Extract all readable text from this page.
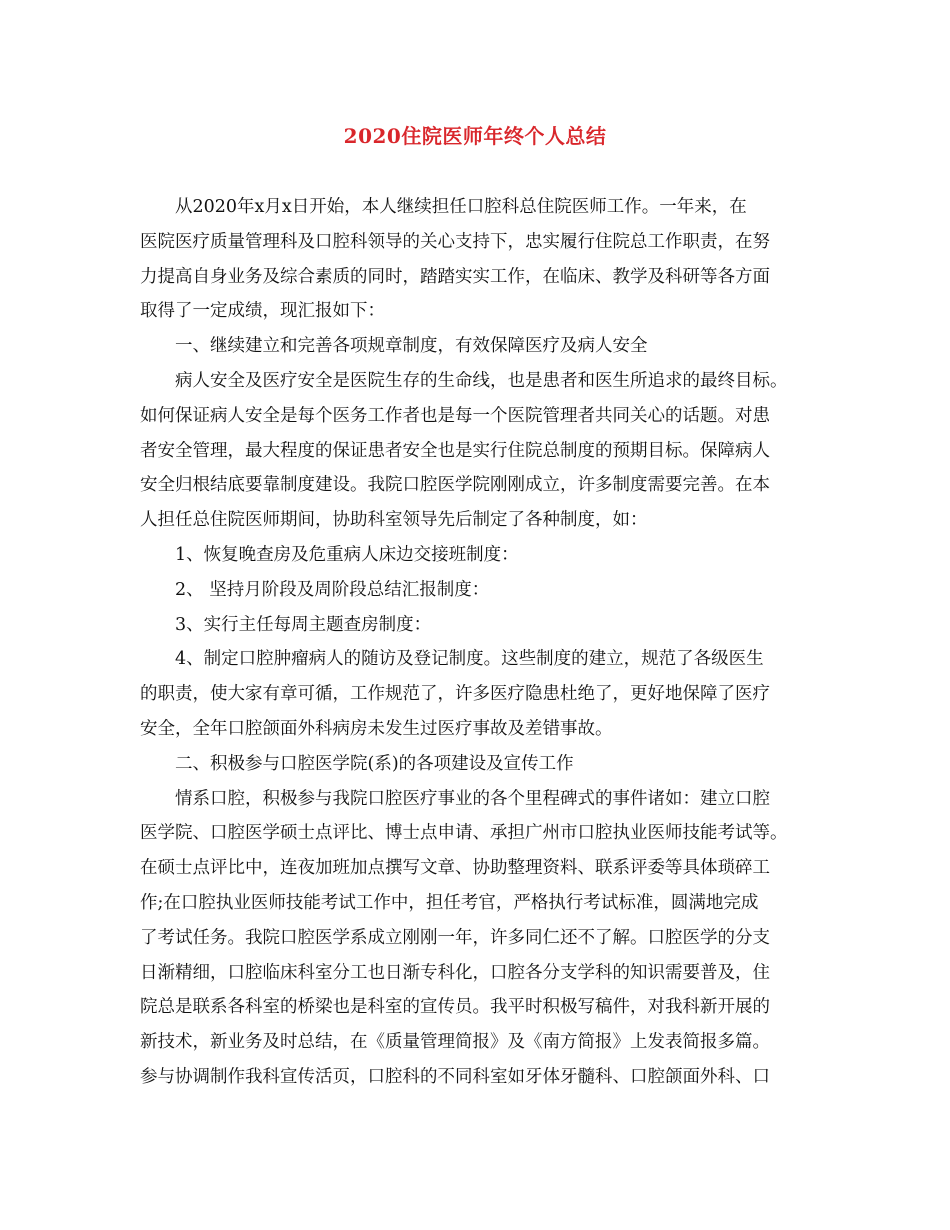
2020住院医师年终个人总结
从2020年x月x日开始，本人继续担任口腔科总住院医师工作。一年来，在
医院医疗质量管理科及口腔科领导的关心支持下，忠实履行住院总工作职责，在努
力提高自身业务及综合素质的同时，踏踏实实工作，在临床、教学及科研等各方面
取得了一定成绩，现汇报如下：
一、继续建立和完善各项规章制度，有效保障医疗及病人安全
病人安全及医疗安全是医院生存的生命线，也是患者和医生所追求的最终目标。
如何保证病人安全是每个医务工作者也是每一个医院管理者共同关心的话题。对患
者安全管理，最大程度的保证患者安全也是实行住院总制度的预期目标。保障病人
安全归根结底要靠制度建设。我院口腔医学院刚刚成立，许多制度需要完善。在本
人担任总住院医师期间，协助科室领导先后制定了各种制度，如：
1、恢复晚查房及危重病人床边交接班制度：
2、 坚持月阶段及周阶段总结汇报制度：
3、实行主任每周主题查房制度：
4、制定口腔肿瘤病人的随访及登记制度。这些制度的建立，规范了各级医生
的职责，使大家有章可循，工作规范了，许多医疗隐患杜绝了，更好地保障了医疗
安全，全年口腔颌面外科病房未发生过医疗事故及差错事故。
二、积极参与口腔医学院(系)的各项建设及宣传工作
情系口腔，积极参与我院口腔医疗事业的各个里程碑式的事件诸如：建立口腔
医学院、口腔医学硕士点评比、博士点申请、承担广州市口腔执业医师技能考试等。
在硕士点评比中，连夜加班加点撰写文章、协助整理资料、联系评委等具体琐碎工
作;在口腔执业医师技能考试工作中，担任考官，严格执行考试标准，圆满地完成
了考试任务。我院口腔医学系成立刚刚一年，许多同仁还不了解。口腔医学的分支
日渐精细，口腔临床科室分工也日渐专科化，口腔各分支学科的知识需要普及，住
院总是联系各科室的桥梁也是科室的宣传员。我平时积极写稿件，对我科新开展的
新技术，新业务及时总结，在《质量管理简报》及《南方简报》上发表简报多篇。
参与协调制作我科宣传活页，口腔科的不同科室如牙体牙髓科、口腔颌面外科、口
